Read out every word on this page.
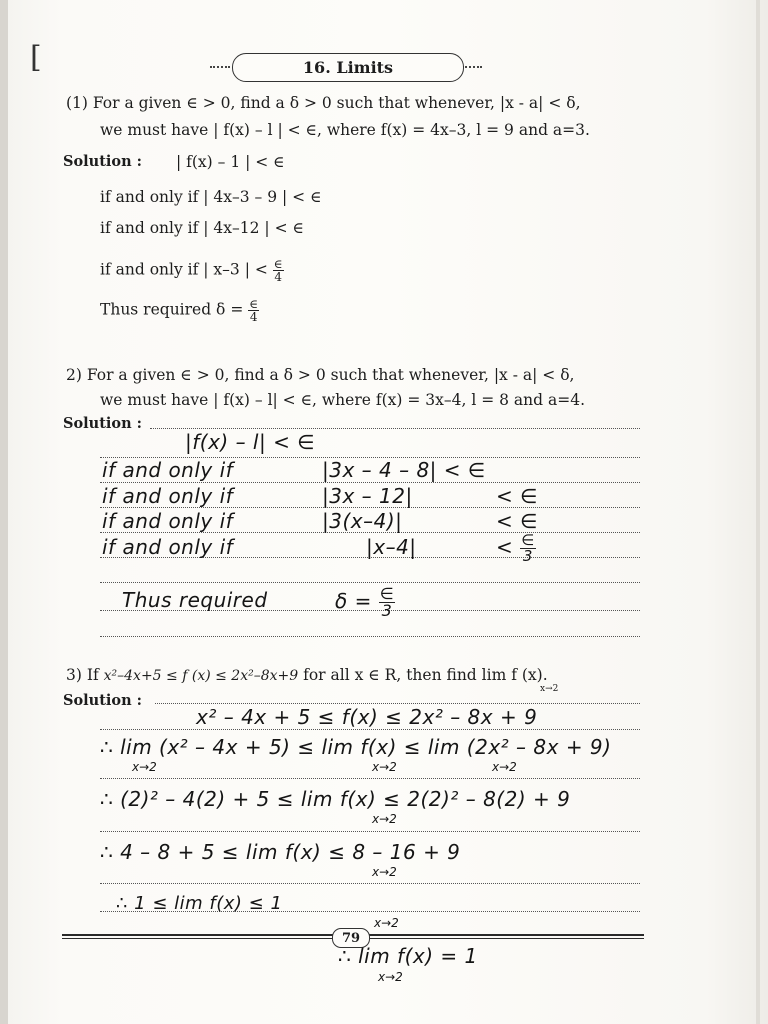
[	16. Limits
(1) For a given ∈ > 0, find a δ > 0 such that whenever, |x - a| < δ,
we must have | f(x) – l | < ∈, where f(x) = 4x–3, l = 9 and a=3.
Solution : | f(x) – 1 | < ∈
if and only if | 4x–3 – 9 | < ∈
if and only if | 4x–12 | < ∈
if and only if | x–3 | < $\frac{\in}{4}$
Thus required $\delta = \frac{\in}{4}$
2) For a given ∈ > 0, find a δ > 0 such that whenever, |x - a| < δ,
we must have | f(x) – l| < ∈, where f(x) = 3x–4, l = 8 and a=4.
Solution :
|f(x) – l| < ∈
if and only if	|3x – 4 – 8| < ∈
if and only if	|3x – 12|	< ∈
if and only if	|3(x–4)|	< ∈
if and only if	|x–4|	< $\frac{\in}{3}$
Thus required	$\delta = \frac{\in}{3}$
3) If x²–4x+5 ≤ f (x) ≤ 2x²–8x+9 for all x ∈ R, then find lim f (x).
x→2
Solution :
x² – 4x + 5 ≤ f(x) ≤ 2x² – 8x + 9
∴ lim (x² – 4x + 5) ≤ lim f(x) ≤ lim (2x² – 8x + 9)
x→2	x→2	x→2
∴ (2)² – 4(2) + 5 ≤ lim f(x) ≤ 2(2)² – 8(2) + 9
x→2
∴ 4 – 8 + 5 ≤ lim f(x) ≤ 8 – 16 + 9
x→2
∴ 1 ≤ lim f(x) ≤ 1
x→2
79
∴ lim f(x) = 1
x→2
